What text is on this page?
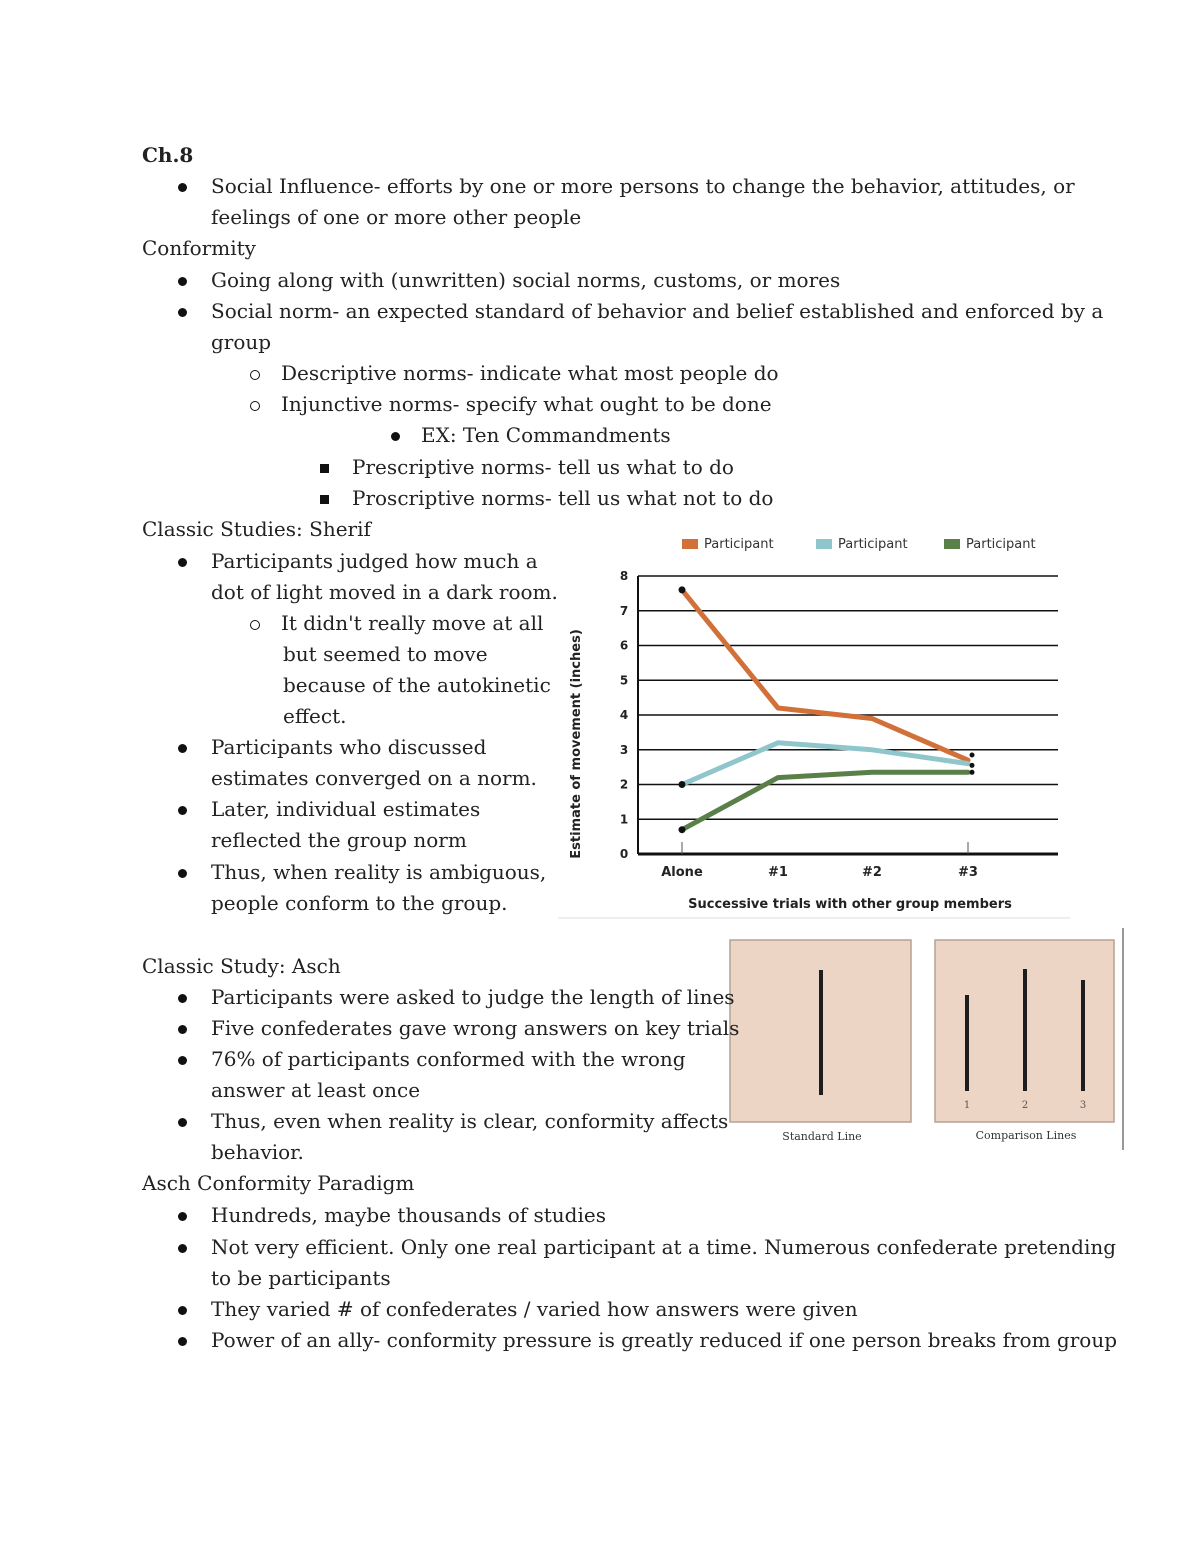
Ch.8
Social Influence- efforts by one or more persons to change the behavior, attitudes, or
feelings of one or more other people
Conformity
Going along with (unwritten) social norms, customs, or mores
Social norm- an expected standard of behavior and belief established and enforced by a
group
Descriptive norms- indicate what most people do
Injunctive norms- specify what ought to be done
EX: Ten Commandments
Prescriptive norms- tell us what to do
Proscriptive norms- tell us what not to do
Classic Studies: Sherif
Participants judged how much a
dot of light moved in a dark room.
It didn't really move at all
but seemed to move
because of the autokinetic
effect.
Participants who discussed
estimates converged on a norm.
Later, individual estimates
reflected the group norm
Thus, when reality is ambiguous,
people conform to the group.
Participant	Participant	Participant
0
1
2
3
4
5
6
7
8
Alone	#1	#2	#3
Estimate of movement (inches)
Successive trials with other group members
1	2	3
Standard Line	Comparison Lines
Classic Study: Asch
Participants were asked to judge the length of lines
Five confederates gave wrong answers on key trials
76% of participants conformed with the wrong
answer at least once
Thus, even when reality is clear, conformity affects
behavior.
Asch Conformity Paradigm
Hundreds, maybe thousands of studies
Not very efficient. Only one real participant at a time. Numerous confederate pretending
to be participants
They varied # of confederates / varied how answers were given
Power of an ally- conformity pressure is greatly reduced if one person breaks from group
